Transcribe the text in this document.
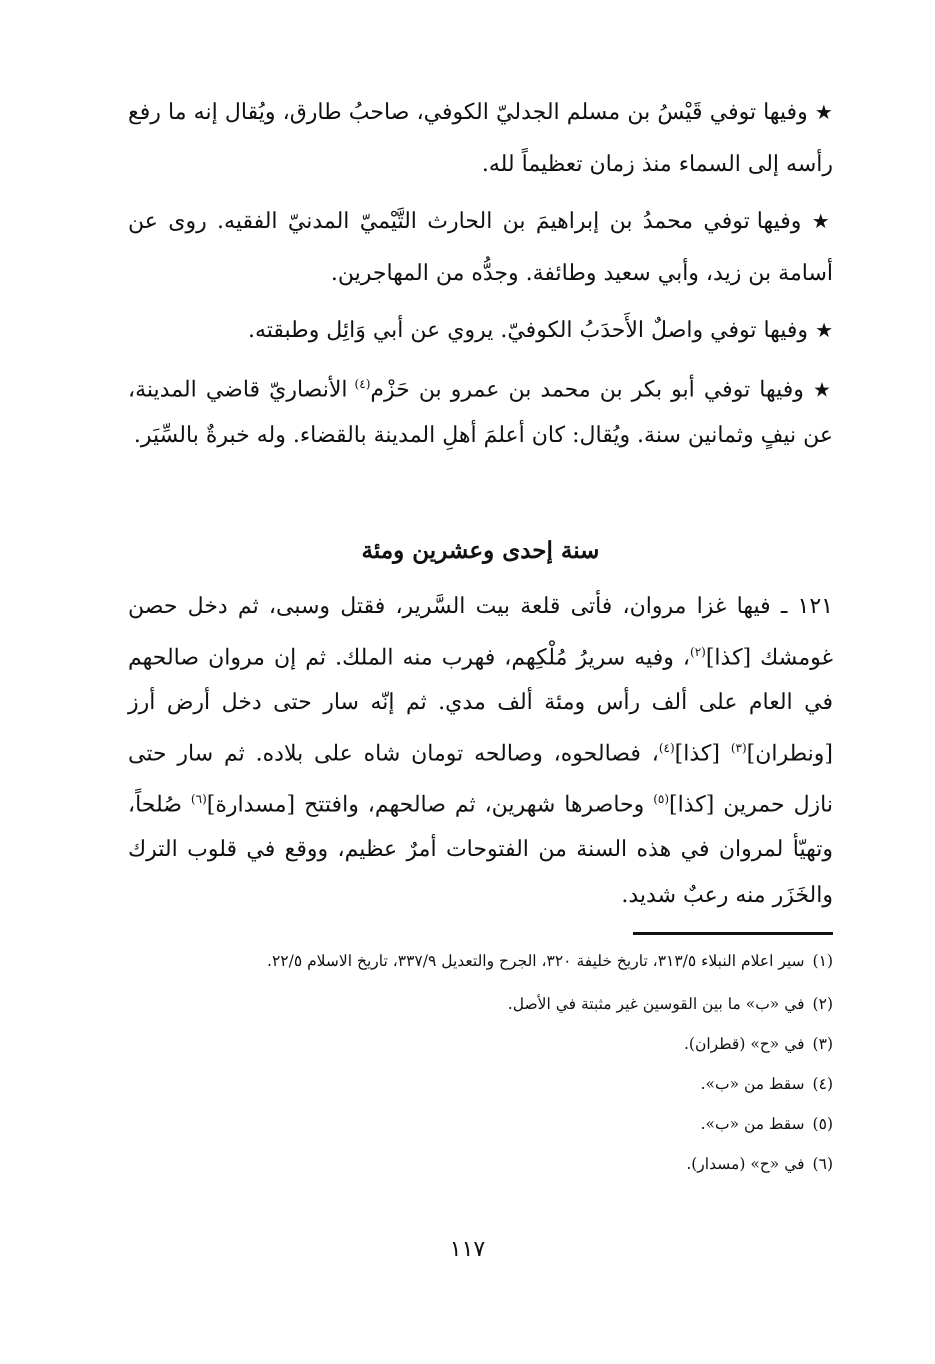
★ وفيها توفي قَيْسُ بن مسلم الجدليّ الكوفي، صاحبُ طارق، ويُقال إنه ما رفع رأسه إلى السماء منذ زمان تعظيماً لله.

★ وفيها توفي محمدُ بن إبراهيمَ بن الحارث التَّيْميّ المدنيّ الفقيه. روى عن أسامة بن زيد، وأبي سعيد وطائفة. وجدُّه من المهاجرين.

★ وفيها توفي واصلٌ الأَحدَبُ الكوفيّ. يروي عن أبي وَائِل وطبقته.

★ وفيها توفي أبو بكر بن محمد بن عمرو بن حَزْم$^{(٤)}$ الأنصاريّ قاضي المدينة، عن نيفٍ وثمانين سنة. ويُقال: كان أعلمَ أهلِ المدينة بالقضاء. وله خبرةٌ بالسِّيَر.

سنة إحدى وعشرين ومئة

١٢١ ـ فيها غزا مروان، فأتى قلعة بيت السَّرير، فقتل وسبى، ثم دخل حصن غومشك [كذا]$^{(٢)}$، وفيه سريرُ مُلْكِهم، فهرب منه الملك. ثم إن مروان صالحهم في العام على ألف رأس ومئة ألف مدي. ثم إنّه سار حتى دخل أرض أرز [ونطران]$^{(٣)}$ [كذا]$^{(٤)}$، فصالحوه، وصالحه تومان شاه على بلاده. ثم سار حتى نازل حمرين [كذا]$^{(٥)}$ وحاصرها شهرين، ثم صالحهم، وافتتح [مسدارة]$^{(٦)}$ صُلحاً، وتهيّأ لمروان في هذه السنة من الفتوحات أمرٌ عظيم، ووقع في قلوب الترك والخَزَر منه رعبٌ شديد.

(١)سير اعلام النبلاء ٣١٣/٥، تاريخ خليفة ٣٢٠، الجرح والتعديل ٣٣٧/٩، تاريخ الاسلام ٢٢/٥.

(٢)في «ب» ما بين القوسين غير مثبتة في الأصل.

(٣)في «ح» (قطران).

(٤)سقط من «ب».

(٥)سقط من «ب».

(٦)في «ح» (مسدار).

١١٧
